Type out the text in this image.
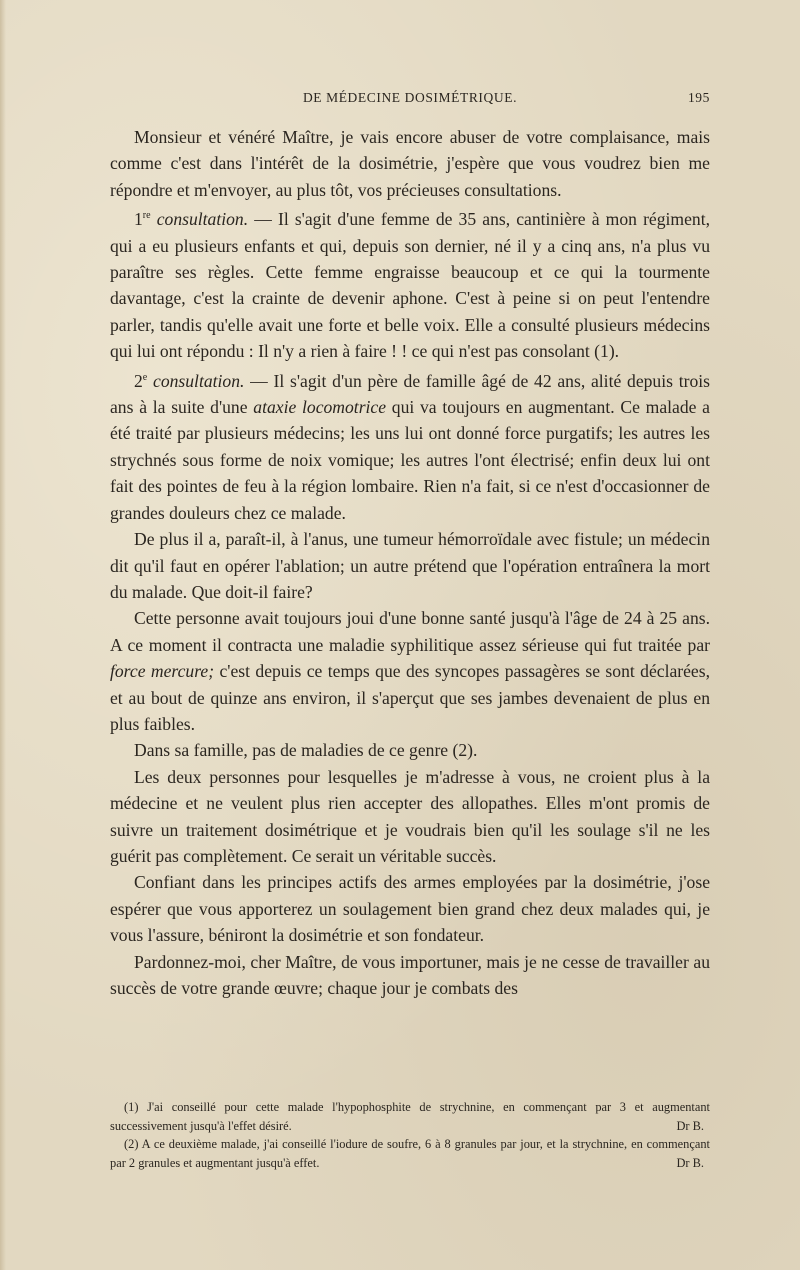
DE MÉDECINE DOSIMÉTRIQUE.	195

Monsieur et vénéré Maître, je vais encore abuser de votre complaisance, mais comme c'est dans l'intérêt de la dosimétrie, j'espère que vous voudrez bien me répondre et m'envoyer, au plus tôt, vos précieuses consultations.

1re consultation. — Il s'agit d'une femme de 35 ans, cantinière à mon régiment, qui a eu plusieurs enfants et qui, depuis son dernier, né il y a cinq ans, n'a plus vu paraître ses règles. Cette femme engraisse beaucoup et ce qui la tourmente davantage, c'est la crainte de devenir aphone. C'est à peine si on peut l'entendre parler, tandis qu'elle avait une forte et belle voix. Elle a consulté plusieurs médecins qui lui ont répondu : Il n'y a rien à faire ! ! ce qui n'est pas consolant (1).

2e consultation. — Il s'agit d'un père de famille âgé de 42 ans, alité depuis trois ans à la suite d'une ataxie locomotrice qui va toujours en augmentant. Ce malade a été traité par plusieurs médecins; les uns lui ont donné force purgatifs; les autres les strychnés sous forme de noix vomique; les autres l'ont électrisé; enfin deux lui ont fait des pointes de feu à la région lombaire. Rien n'a fait, si ce n'est d'occasionner de grandes douleurs chez ce malade.

De plus il a, paraît-il, à l'anus, une tumeur hémorroïdale avec fistule; un médecin dit qu'il faut en opérer l'ablation; un autre prétend que l'opération entraînera la mort du malade. Que doit-il faire?

Cette personne avait toujours joui d'une bonne santé jusqu'à l'âge de 24 à 25 ans. A ce moment il contracta une maladie syphilitique assez sérieuse qui fut traitée par force mercure; c'est depuis ce temps que des syncopes passagères se sont déclarées, et au bout de quinze ans environ, il s'aperçut que ses jambes devenaient de plus en plus faibles.

Dans sa famille, pas de maladies de ce genre (2).

Les deux personnes pour lesquelles je m'adresse à vous, ne croient plus à la médecine et ne veulent plus rien accepter des allopathes. Elles m'ont promis de suivre un traitement dosimétrique et je voudrais bien qu'il les soulage s'il ne les guérit pas complètement. Ce serait un véritable succès.

Confiant dans les principes actifs des armes employées par la dosimétrie, j'ose espérer que vous apporterez un soulagement bien grand chez deux malades qui, je vous l'assure, béniront la dosimétrie et son fondateur.

Pardonnez-moi, cher Maître, de vous importuner, mais je ne cesse de travailler au succès de votre grande œuvre; chaque jour je combats des

(1) J'ai conseillé pour cette malade l'hypophosphite de strychnine, en commençant par 3 et augmentant successivement jusqu'à l'effet désiré.	Dr B.

(2) A ce deuxième malade, j'ai conseillé l'iodure de soufre, 6 à 8 granules par jour, et la strychnine, en commençant par 2 granules et augmentant jusqu'à effet.	Dr B.
